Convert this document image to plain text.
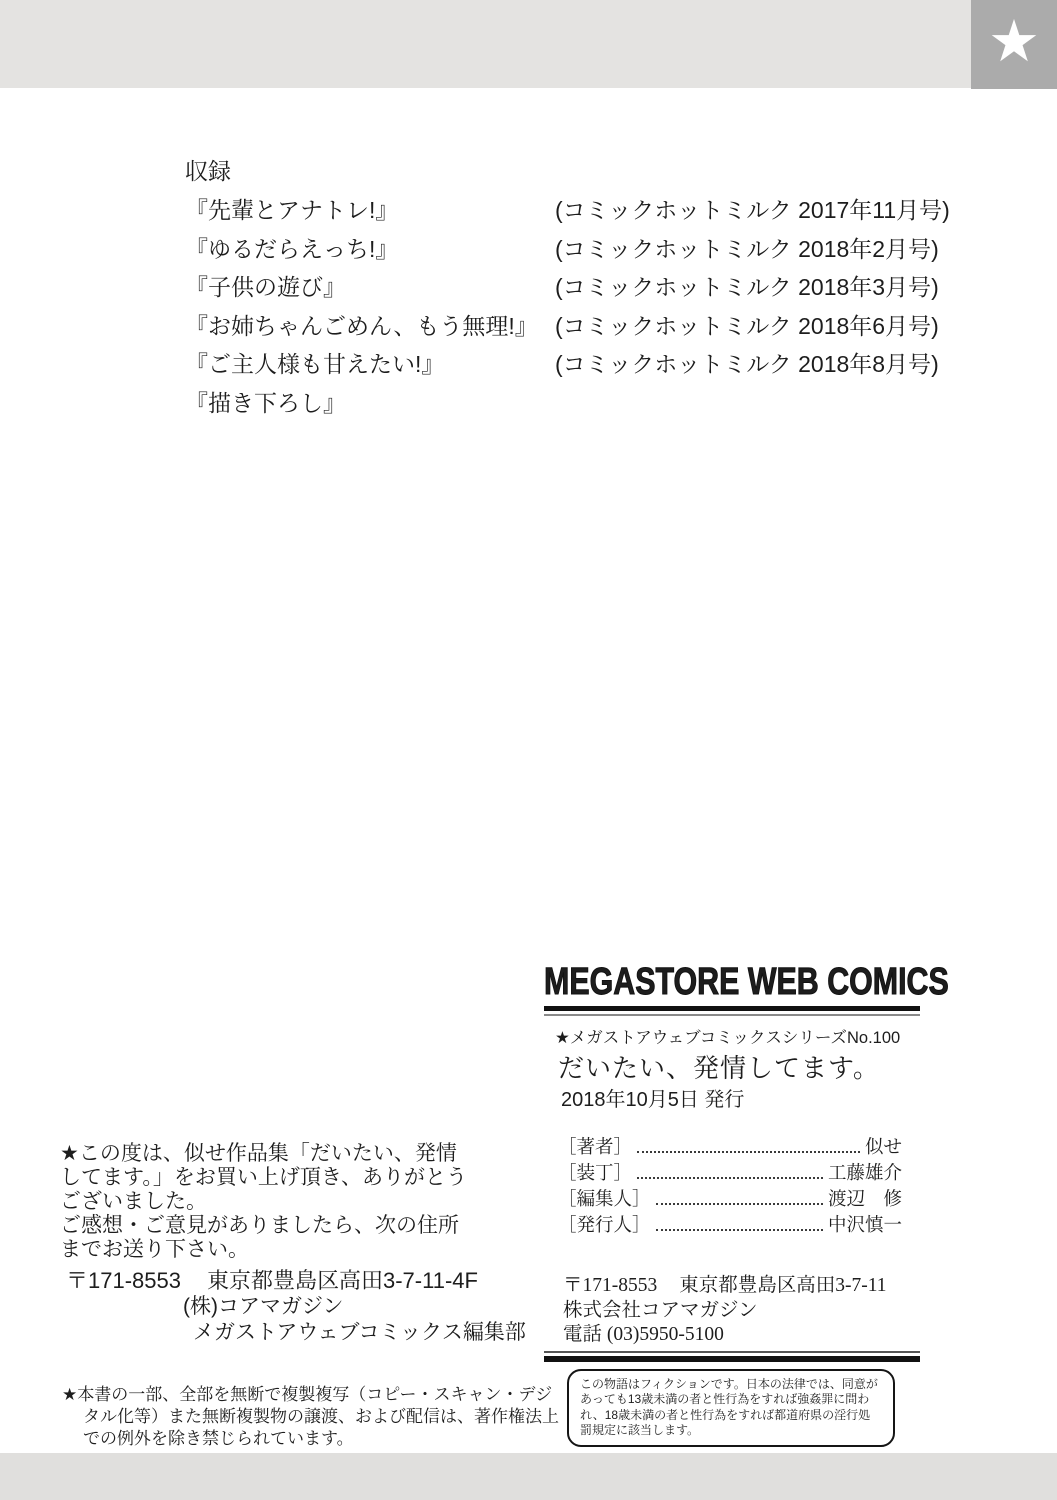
★
収録
『先輩とアナトレ!』	(コミックホットミルク 2017年11月号)
『ゆるだらえっち!』	(コミックホットミルク 2018年2月号)
『子供の遊び』	(コミックホットミルク 2018年3月号)
『お姉ちゃんごめん、もう無理!』 (コミックホットミルク 2018年6月号)
『ご主人様も甘えたい!』	(コミックホットミルク 2018年8月号)
『描き下ろし』

★この度は、似せ作品集「だいたい、発情してます。」をお買い上げ頂き、ありがとうございました。

ご感想・ご意見がありましたら、次の住所までお送り下さい。

〒171-8553 東京都豊島区高田3-7-11-4F
(株)コアマガジン
メガストアウェブコミックス編集部

★本書の一部、全部を無断で複製複写（コピー・スキャン・デジタル化等）また無断複製物の譲渡、および配信は、著作権法上での例外を除き禁じられています。

MEGASTORE WEB COMICS
★メガストアウェブコミックスシリーズNo.100
だいたい、発情してます。
2018年10月5日 発行
［著者］	似せ
［装丁］	工藤雄介
［編集人］	渡辺　修
［発行人］	中沢慎一
〒171-8553 東京都豊島区高田3-7-11
株式会社コアマガジン
電話 (03)5950-5100
この物語はフィクションです。日本の法律では、同意があっても13歳未満の者と性行為をすれば強姦罪に問われ、18歳未満の者と性行為をすれば都道府県の淫行処罰規定に該当します。
